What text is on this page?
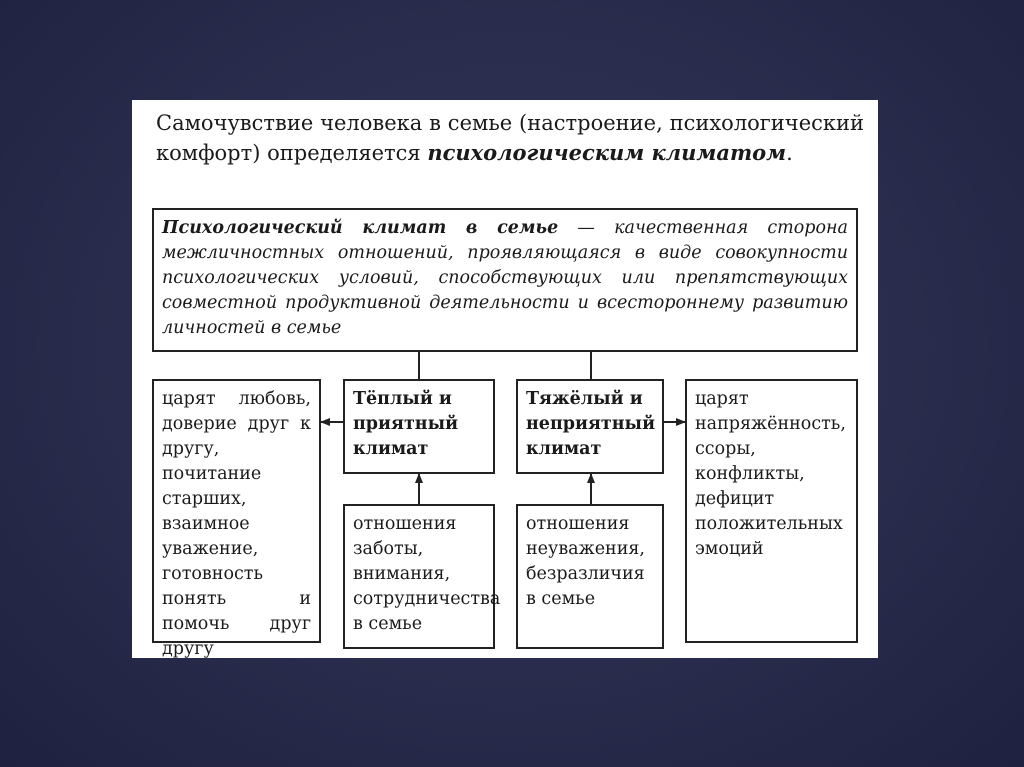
Самочувствие человека в семье (настроение, психологический комфорт) определяется психологическим климатом.
Психологический климат в семье — качественная сторона межличностных отношений, проявляющаяся в виде совокупности психологических условий, способствующих или препятствующих совместной продуктивной деятельности и всестороннему развитию личностей в семье
царят любовь, доверие друг к другу, почитание старших, взаимное уважение, готовность понять и помочь друг другу
Тёплый и приятный климат
отношения заботы, внимания, сотрудничества в семье
Тяжёлый и неприятный климат
отношения неуважения, безразличия в семье
царят напряжённость, ссоры, конфликты, дефицит положительных эмоций
